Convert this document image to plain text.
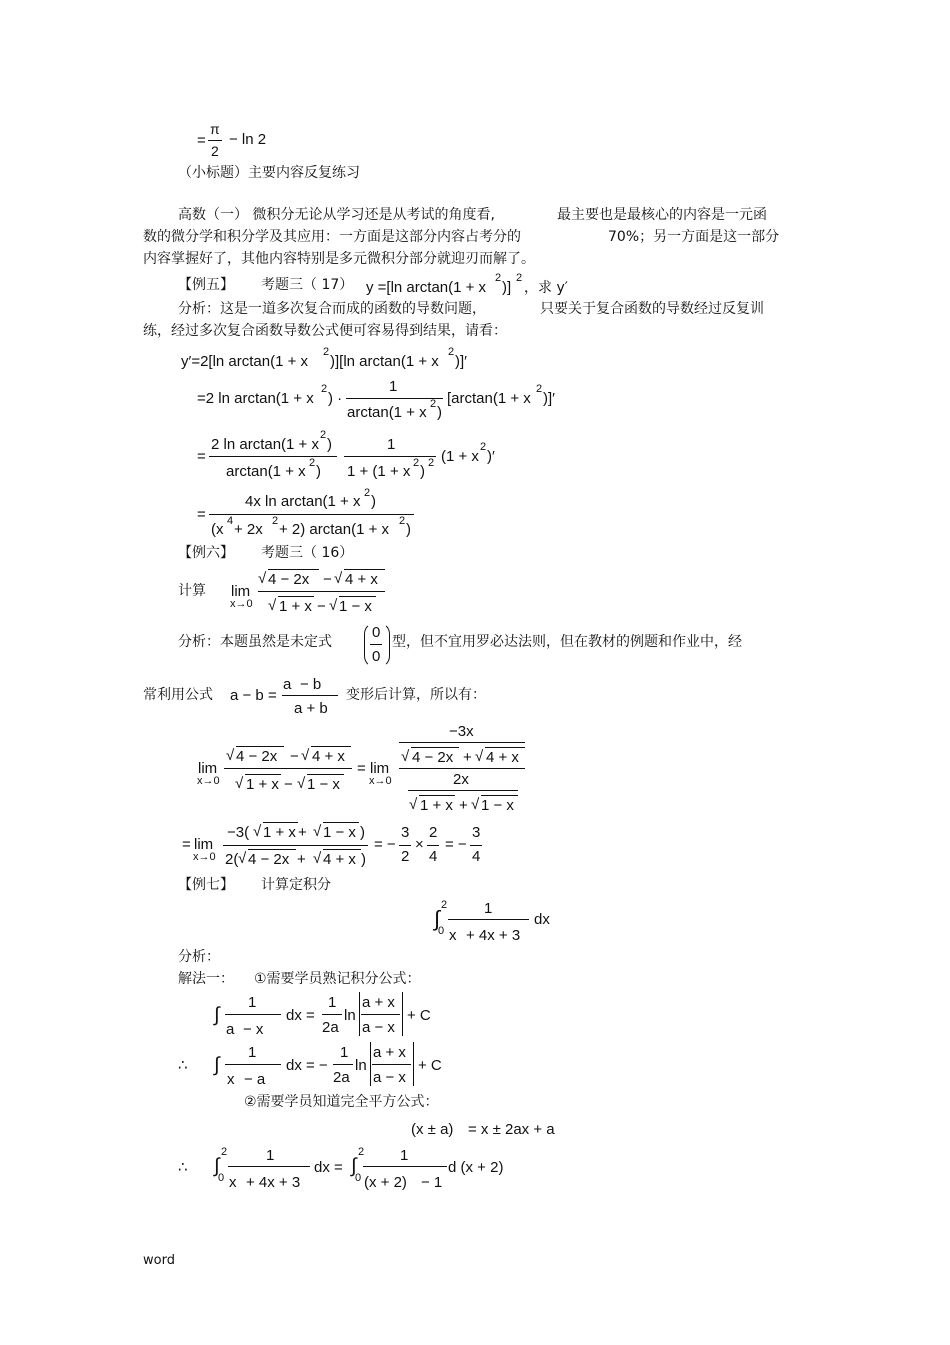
=
π
2
− ln 2
（小标题）主要内容反复练习
高数（一） 微积分无论从学习还是从考试的角度看,	最主要也是最核心的内容是一元函
数的微分学和积分学及其应用：一方面是这部分内容占考分的	70%；另一方面是这一部分
内容掌握好了，其他内容特别是多元微积分部分就迎刃而解了。
【例五】 考题三（ 17） y =[ln arctan(1 + x
2
)]
2
，求 y′
分析：这是一道多次复合而成的函数的导数问题，	只要关于复合函数的导数经过反复训
练，经过多次复合函数导数公式便可容易得到结果，请看：
y′=2[ln arctan(1 + x
2
)][ln arctan(1 + x
2
)]′
=2 ln arctan(1 + x
2
) ·
1
arctan(1 + x 2 )
[arctan(1 + x
2
)]′
=
2 ln arctan(1 + x
2
)
arctan(1 + x 2 )
1
1 + (1 + x 2 ) 2 (1 + x
2
)′
=
4x ln arctan(1 + x 2 )
(x 4 + 2x 2 + 2) arctan(1 + x 2 )
【例六】 考题三（ 16）
计算 lim
x→0
√ 4 − 2x − √ 4 + x
√ 1 + x − √ 1 − x
分析：本题虽然是未定式
0
0
型，但不宜用罗必达法则，但在教材的例题和作业中，经
常利用公式 a − b =
a − b
a + b
变形后计算，所以有：
lim
x→0
√ 4 − 2x − √ 4 + x
√ 1 + x − √ 1 − x
= lim
x→0
−3x
√ 4 − 2x + √ 4 + x
2x
√ 1 + x + √ 1 − x
= lim
x→0
−3( √ 1 + x + √ 1 − x )
2( √ 4 − 2x + √ 4 + x )
= −
3
2
×
2
4
= −
3
4
【例七】 计算定积分
∫
2
0
1
x + 4x + 3
dx
分析：
解法一： ①需要学员熟记积分公式：
∫
1
a − x
dx =
1
2a
ln
a + x
a − x
+ C
∴ ∫
1
x − a
dx = −
1
2a
ln
a + x
a − x
+ C
②需要学员知道完全平方公式：
(x ± a) = x ± 2ax + a
∴ ∫
2
0
1
x + 4x + 3
dx = ∫
2
0
1
(x + 2) − 1
d (x + 2)
word
